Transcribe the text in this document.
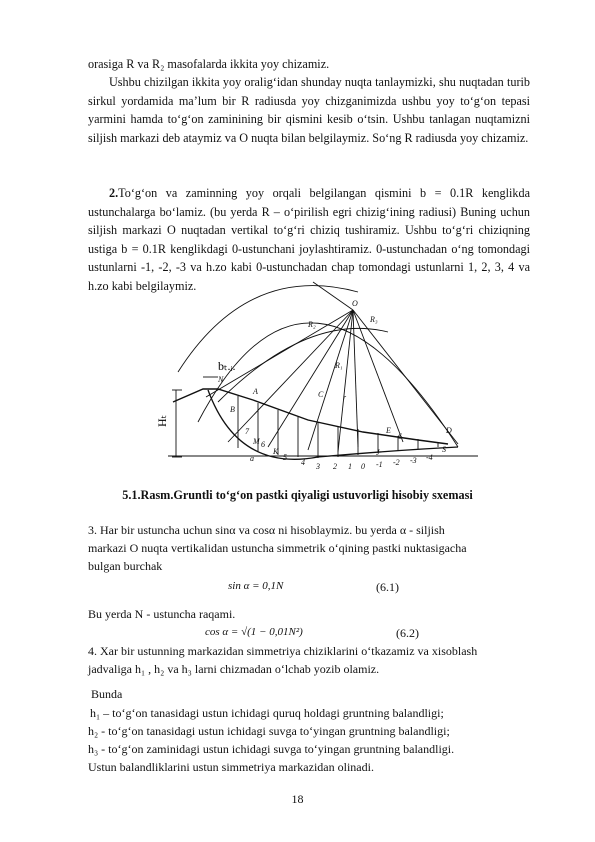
orasiga R va R₂ masofalarda ikkita yoy chizamiz.
Ushbu chizilgan ikkita yoy oralig‘idan shunday nuqta tanlaymizki, shu nuqtadan turib sirkul yordamida ma’lum bir R radiusda yoy chizganimizda ushbu yoy to‘g‘on tepasi yarmini hamda to‘g‘on zaminining bir qismini kesib o‘tsin. Ushbu tanlagan nuqtamizni siljish markazi deb ataymiz va O nuqta bilan belgilaymiz. So‘ng R radiusda yoy chizamiz.
2.To‘g‘on va zaminning yoy orqali belgilangan qismini b = 0.1R kenglikda ustunchalarga bo‘lamiz. (bu yerda R – o‘pirilish egri chizig‘ining radiusi) Buning uchun siljish markazi O nuqtadan vertikal to‘g‘ri chiziq tushiramiz. Ushbu to‘g‘ri chiziqning ustiga b = 0.1R kenglikdagi 0-ustunchani joylashtiramiz. 0-ustunchadan o‘ng tomondagi ustunlarni -1, -2, -3 va h.zo kabi 0-ustunchadan chap tomondagi ustunlarni 1, 2, 3, 4 va h.zo kabi belgilaymiz.
O
R₂
R₃
N
A
B
C
7
M 6
K
5
4 3 2 1 0 -1 -2 -3 -4
J
E
6
D
S
a
r
R₁
bₜ.ᵢ.
Hₜ
5.1.Rasm.Gruntli to‘g‘on pastki qiyaligi ustuvorligi hisobiy sxemasi
3. Har bir ustuncha uchun sinα va cosα ni hisoblaymiz. bu yerda α - siljish
markazi O nuqta vertikalidan ustuncha simmetrik o‘qining pastki nuktasigacha
bulgan burchak
sin α = 0,1N	(6.1)
Bu yerda N - ustuncha raqami.
cos α = √(1 − 0,01N²)	(6.2)
4. Xar bir ustunning markazidan simmetriya chiziklarini o‘tkazamiz va xisoblash
jadvaliga h₁ , h₂ va h₃ larni chizmadan o‘lchab yozib olamiz.
Bunda
h₁ – to‘g‘on tanasidagi ustun ichidagi quruq holdagi gruntning balandligi;
h₂ - to‘g‘on tanasidagi ustun ichidagi suvga to‘yingan gruntning balandligi;
h₃ - to‘g‘on zaminidagi ustun ichidagi suvga to‘yingan gruntning balandligi.
Ustun balandliklarini ustun simmetriya markazidan olinadi.
18
